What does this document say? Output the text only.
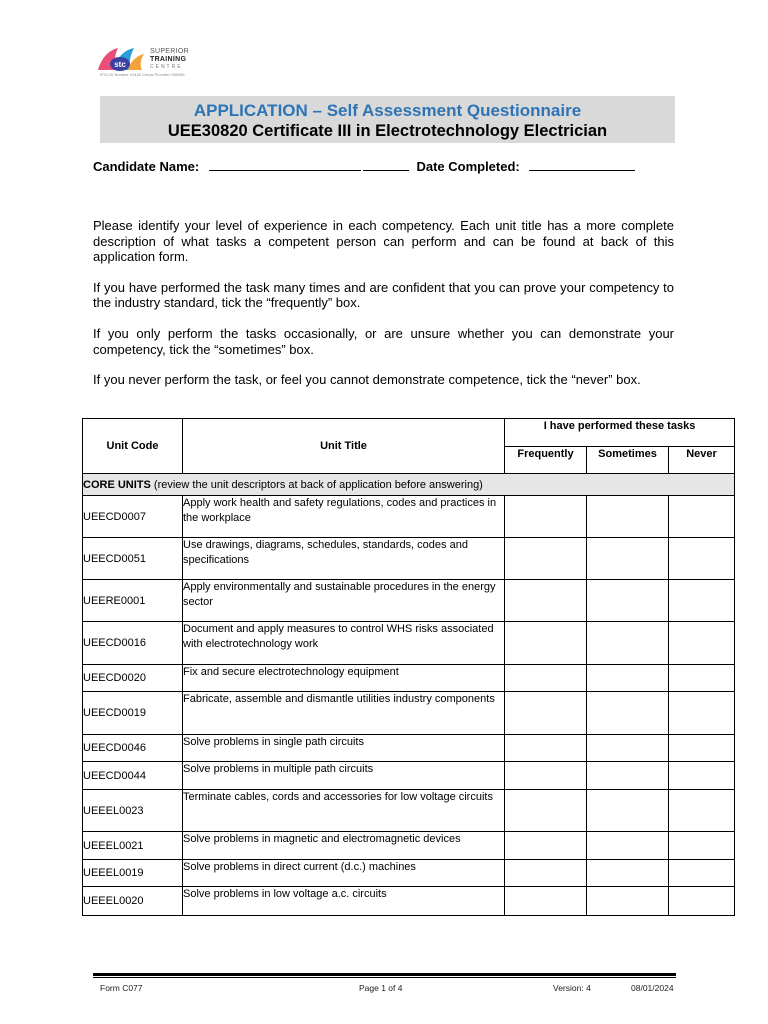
stc
SUPERIOR
TRAINING
CENTRE
RTO ID Number 41432 Cricos Provider 03598G
APPLICATION – Self Assessment Questionnaire
UEE30820 Certificate III in Electrotechnology Electrician
Candidate Name:	Date Completed:

Please identify your level of experience in each competency. Each unit title has a more complete description of what tasks a competent person can perform and can be found at back of this application form.

If you have performed the task many times and are confident that you can prove your competency to the industry standard, tick the “frequently” box.

If you only perform the tasks occasionally, or are unsure whether you can demonstrate your competency, tick the “sometimes” box.

If you never perform the task, or feel you cannot demonstrate competence, tick the “never” box.

Unit Code	Unit Title	I have performed these tasks		
		Frequently	Sometimes	Never
CORE UNITS (review the unit descriptors at back of application before answering)				
UEECD0007	Apply work health and safety regulations, codes and practices in the workplace			
UEECD0051	Use drawings, diagrams, schedules, standards, codes and specifications			
UEERE0001	Apply environmentally and sustainable procedures in the energy sector			
UEECD0016	Document and apply measures to control WHS risks associated with electrotechnology work			
UEECD0020	Fix and secure electrotechnology equipment			
UEECD0019	Fabricate, assemble and dismantle utilities industry components			
UEECD0046	Solve problems in single path circuits			
UEECD0044	Solve problems in multiple path circuits			
UEEEL0023	Terminate cables, cords and accessories for low voltage circuits			
UEEEL0021	Solve problems in magnetic and electromagnetic devices			
UEEEL0019	Solve problems in direct current (d.c.) machines			
UEEEL0020	Solve problems in low voltage a.c. circuits			
Form C077	Page 1 of 4	Version: 4	08/01/2024
